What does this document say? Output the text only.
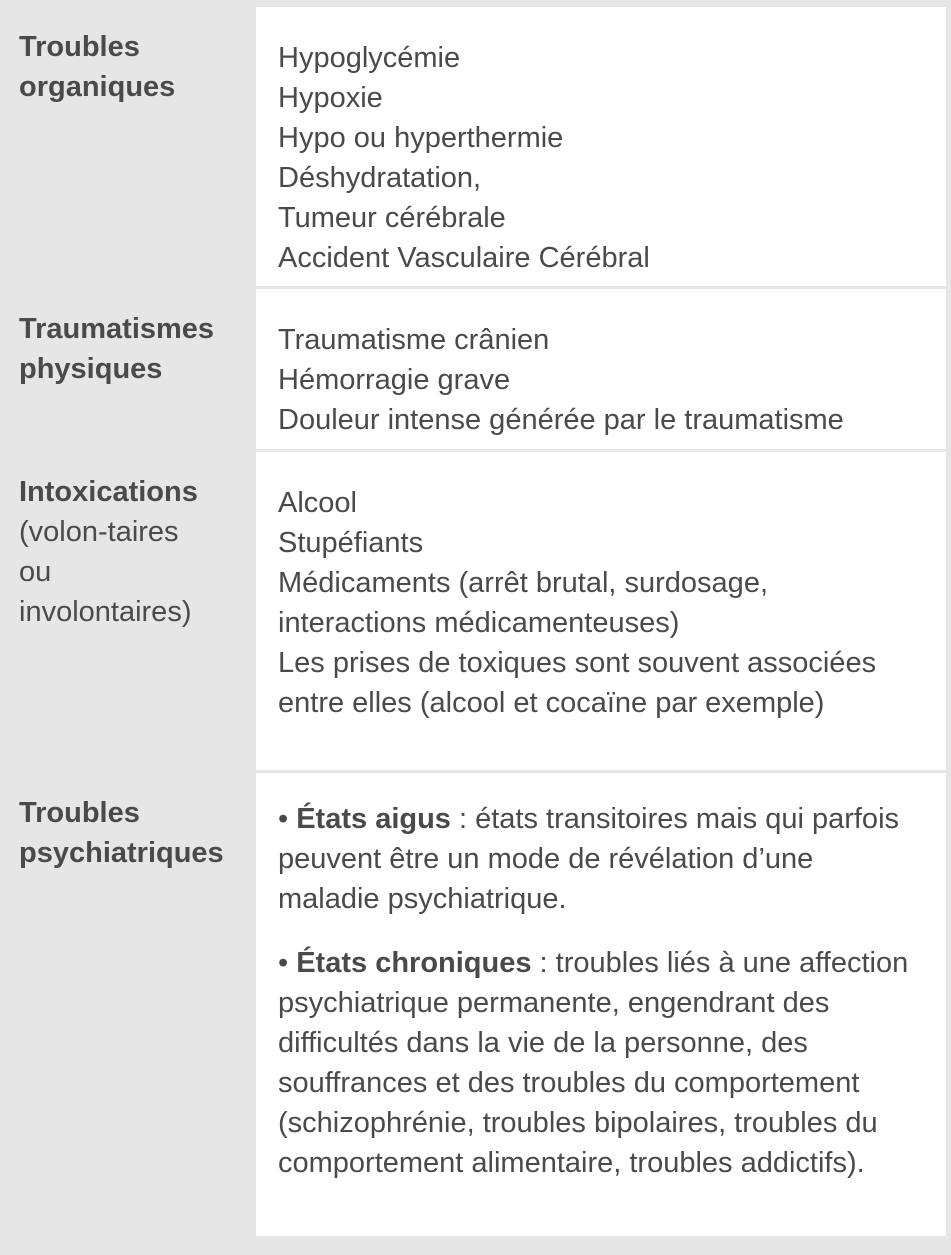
Troubles organiques

Hypoglycémie
Hypoxie
Hypo ou hyperthermie
Déshydratation,
Tumeur cérébrale
Accident Vasculaire Cérébral

Traumatismes physiques

Traumatisme crânien
Hémorragie grave
Douleur intense générée par le traumatisme

Intoxications
(volon-taires ou involontaires)

Alcool
Stupéfiants
Médicaments (arrêt brutal, surdosage, interactions médicamenteuses)
Les prises de toxiques sont souvent associées entre elles (alcool et cocaïne par exemple)

Troubles psychiatriques

• États aigus : états transitoires mais qui parfois peuvent être un mode de révélation d’une maladie psychiatrique.

• États chroniques : troubles liés à une affection psychiatrique permanente, engendrant des difficultés dans la vie de la personne, des souffrances et des troubles du comportement (schizophrénie, troubles bipolaires, troubles du comportement alimentaire, troubles addictifs).
